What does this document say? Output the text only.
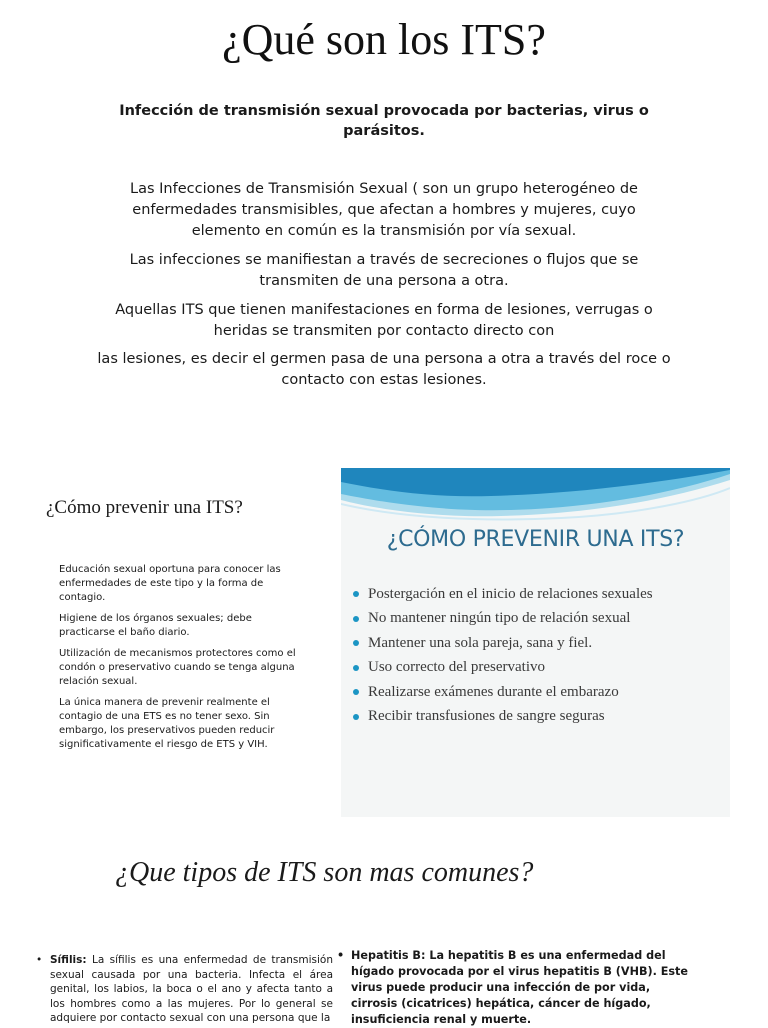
¿Qué son los ITS?
Infección de transmisión sexual provocada por bacterias, virus o parásitos.
Las Infecciones de Transmisión Sexual ( son un grupo heterogéneo de enfermedades transmisibles, que afectan a hombres y mujeres, cuyo elemento en común es la transmisión por vía sexual.
Las infecciones se manifiestan a través de secreciones o flujos que se transmiten de una persona a otra.
Aquellas ITS que tienen manifestaciones en forma de lesiones, verrugas o heridas se transmiten por contacto directo con
las lesiones, es decir el germen pasa de una persona a otra a través del roce o contacto con estas lesiones.
¿Cómo prevenir una ITS?

Educación sexual oportuna para conocer las enfermedades de este tipo y la forma de contagio.

Higiene de los órganos sexuales; debe practicarse el baño diario.

Utilización de mecanismos protectores como el condón o preservativo cuando se tenga alguna relación sexual.

La única manera de prevenir realmente el contagio de una ETS es no tener sexo. Sin embargo, los preservativos pueden reducir significativamente el riesgo de ETS y VIH.

¿CÓMO PREVENIR UNA ITS?
Postergación en el inicio de relaciones sexuales
No mantener ningún tipo de relación sexual
Mantener una sola pareja, sana y fiel.
Uso correcto del preservativo
Realizarse exámenes durante el embarazo
Recibir transfusiones de sangre seguras
¿Que tipos de ITS son mas comunes?
• Sífilis: La sífilis es una enfermedad de transmisión sexual causada por una bacteria. Infecta el área genital, los labios, la boca o el ano y afecta tanto a los hombres como a las mujeres. Por lo general se adquiere por contacto sexual con una persona que la
• Hepatitis B: La hepatitis B es una enfermedad del hígado provocada por el virus hepatitis B (VHB). Este virus puede producir una infección de por vida, cirrosis (cicatrices) hepática, cáncer de hígado, insuficiencia renal y muerte.
